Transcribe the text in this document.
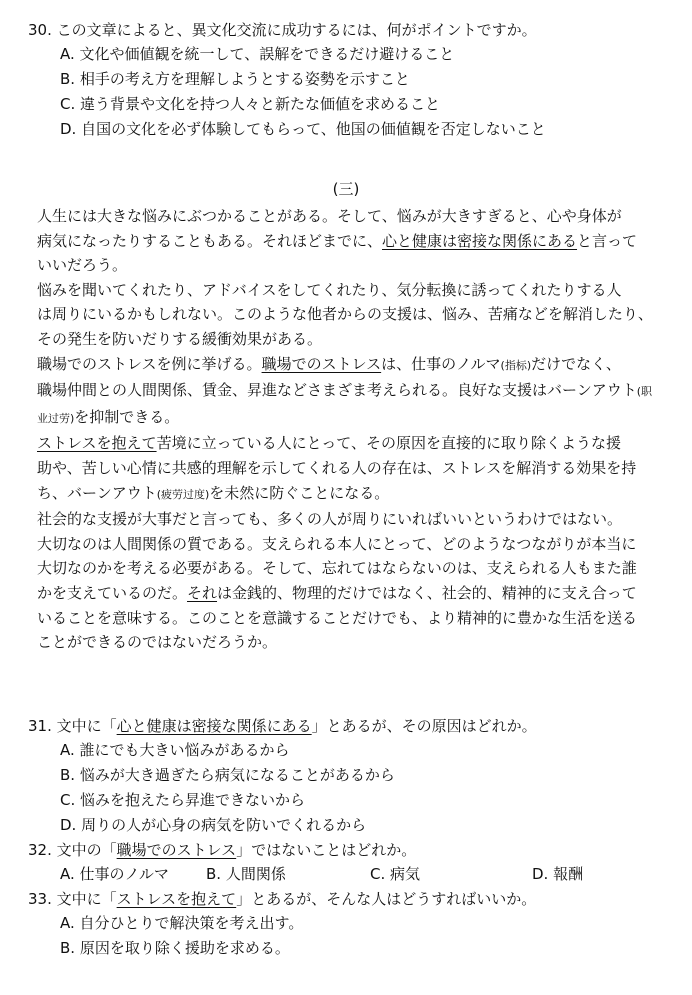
30. この文章によると、異文化交流に成功するには、何がポイントですか。
A. 文化や価値観を統一して、誤解をできるだけ避けること
B. 相手の考え方を理解しようとする姿勢を示すこと
C. 違う背景や文化を持つ人々と新たな価値を求めること
D. 自国の文化を必ず体験してもらって、他国の価値観を否定しないこと
(三)

人生には大きな悩みにぶつかることがある。そして、悩みが大きすぎると、心や身体が
病気になったりすることもある。それほどまでに、心と健康は密接な関係にあると言って
いいだろう。

悩みを聞いてくれたり、アドバイスをしてくれたり、気分転換に誘ってくれたりする人
は周りにいるかもしれない。このような他者からの支援は、悩み、苦痛などを解消したり、
その発生を防いだりする緩衝効果がある。

職場でのストレスを例に挙げる。職場でのストレスは、仕事のノルマ(指标)だけでなく、
職場仲間との人間関係、賃金、昇進などさまざま考えられる。良好な支援はバーンアウト(职
业过劳)を抑制できる。

ストレスを抱えて苦境に立っている人にとって、その原因を直接的に取り除くような援
助や、苦しい心情に共感的理解を示してくれる人の存在は、ストレスを解消する効果を持
ち、バーンアウト(疲劳过度)を未然に防ぐことになる。

社会的な支援が大事だと言っても、多くの人が周りにいればいいというわけではない。
大切なのは人間関係の質である。支えられる本人にとって、どのようなつながりが本当に
大切なのかを考える必要がある。そして、忘れてはならないのは、支えられる人もまた誰
かを支えているのだ。それは金銭的、物理的だけではなく、社会的、精神的に支え合って
いることを意味する。このことを意識することだけでも、より精神的に豊かな生活を送る
ことができるのではないだろうか。

31. 文中に「心と健康は密接な関係にある」とあるが、その原因はどれか。
A. 誰にでも大きい悩みがあるから
B. 悩みが大き過ぎたら病気になることがあるから
C. 悩みを抱えたら昇進できないから
D. 周りの人が心身の病気を防いでくれるから
32. 文中の「職場でのストレス」ではないことはどれか。
A. 仕事のノルマ	B. 人間関係	C. 病気	D. 報酬
33. 文中に「ストレスを抱えて」とあるが、そんな人はどうすればいいか。
A. 自分ひとりで解決策を考え出す。
B. 原因を取り除く援助を求める。
